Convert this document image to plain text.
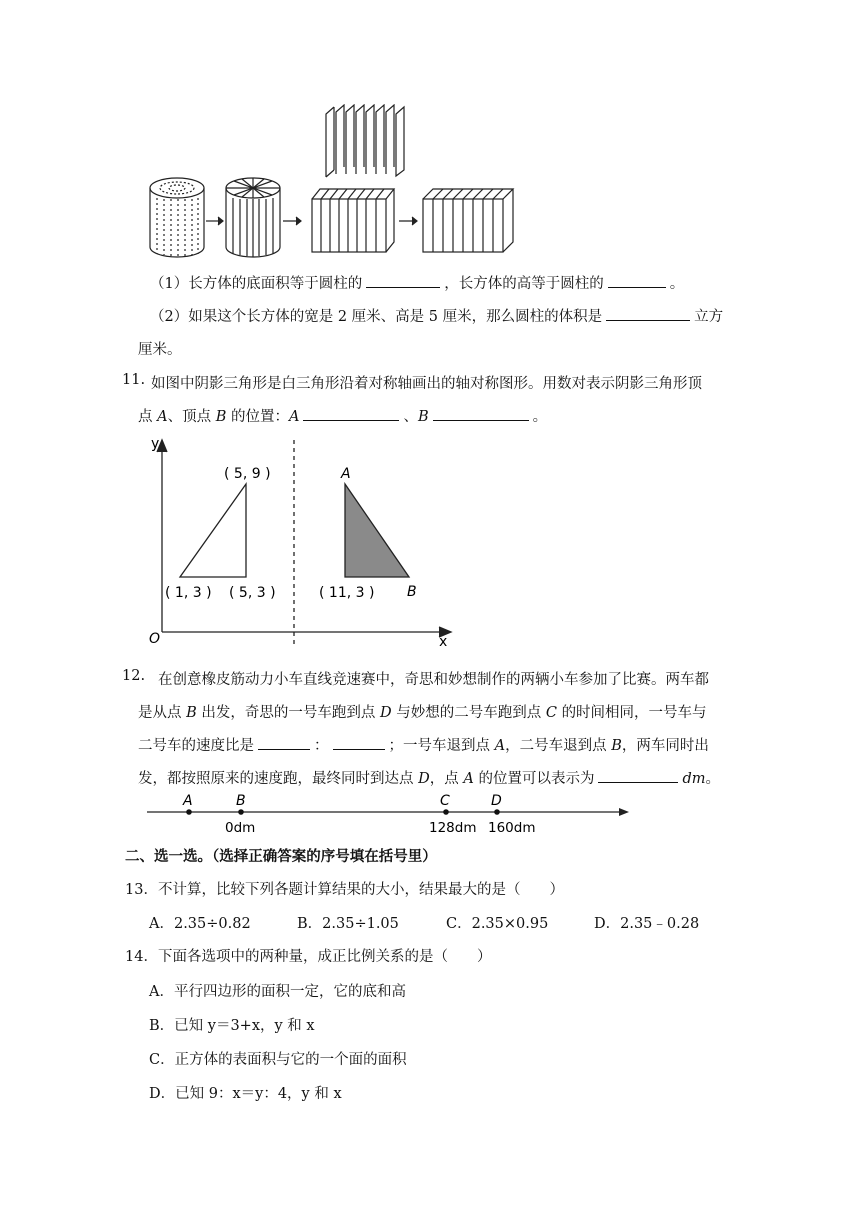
（1）长方体的底面积等于圆柱的	，长方体的高等于圆柱的	。
（2）如果这个长方体的宽是 2 厘米、高是 5 厘米，那么圆柱的体积是	立方
厘米。
11. 如图中阴影三角形是白三角形沿着对称轴画出的轴对称图形。用数对表示阴影三角形顶
点 A、顶点 B 的位置：A	、B	。
y
x
O
( 5, 9 )
( 1, 3 ) ( 5, 3 )	( 11, 3 )
A
B
12. 在创意橡皮筋动力小车直线竞速赛中，奇思和妙想制作的两辆小车参加了比赛。两车都
是从点 B 出发，奇思的一号车跑到点 D 与妙想的二号车跑到点 C 的时间相同，一号车与
二号车的速度比是	：	；一号车退到点 A，二号车退到点 B，两车同时出
发，都按照原来的速度跑，最终同时到达点 D，点 A 的位置可以表示为	dm。
A	B	C	D
0dm	128dm 160dm
二、选一选。（选择正确答案的序号填在括号里）
13．不计算，比较下列各题计算结果的大小，结果最大的是（　　）
A．2.35÷0.82	B．2.35÷1.05	C．2.35×0.95	D．2.35﹣0.28
14．下面各选项中的两种量，成正比例关系的是（　　）
A．平行四边形的面积一定，它的底和高
B．已知 y＝3+x，y 和 x
C．正方体的表面积与它的一个面的面积
D．已知 9：x＝y：4，y 和 x
